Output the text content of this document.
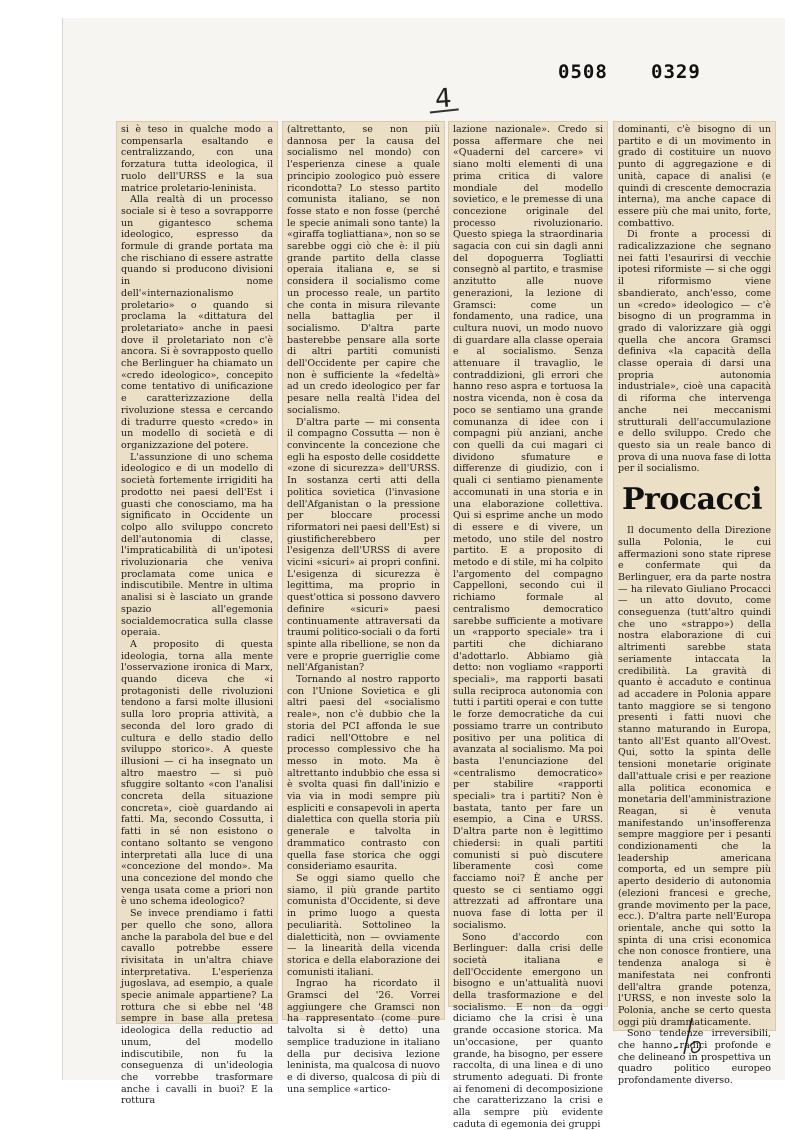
0508 0329
4

si è teso in qualche modo a compensarla esaltando e centralizzando, con una forzatura tutta ideologica, il ruolo dell'URSS e la sua matrice proletario-leninista.

Alla realtà di un processo sociale si è teso a sovrapporre un gigantesco schema ideologico, espresso da formule di grande portata ma che rischiano di essere astratte quando si producono divisioni in nome dell'«internazionalismo proletario» o quando si proclama la «dittatura del proletariato» anche in paesi dove il proletariato non c'è ancora. Si è sovrapposto quello che Berlinguer ha chiamato un «credo ideologico», concepito come tentativo di unificazione e caratterizzazione della rivoluzione stessa e cercando di tradurre questo «credo» in un modello di società e di organizzazione del potere.

L'assunzione di uno schema ideologico e di un modello di società fortemente irrigiditi ha prodotto nei paesi dell'Est i guasti che conosciamo, ma ha significato in Occidente un colpo allo sviluppo concreto dell'autonomia di classe, l'impraticabilità di un'ipotesi rivoluzionaria che veniva proclamata come unica e indiscutibile. Mentre in ultima analisi si è lasciato un grande spazio all'egemonia socialdemocratica sulla classe operaia.

A proposito di questa ideologia, torna alla mente l'osservazione ironica di Marx, quando diceva che «i protagonisti delle rivoluzioni tendono a farsi molte illusioni sulla loro propria attività, a seconda del loro grado di cultura e dello stadio dello sviluppo storico». A queste illusioni — ci ha insegnato un altro maestro — si può sfuggire soltanto «con l'analisi concreta della situazione concreta», cioè guardando ai fatti. Ma, secondo Cossutta, i fatti in sé non esistono o contano soltanto se vengono interpretati alla luce di una «concezione del mondo». Ma una concezione del mondo che venga usata come a priori non è uno schema ideologico?

Se invece prendiamo i fatti per quello che sono, allora anche la parabola del bue e del cavallo potrebbe essere rivisitata in un'altra chiave interpretativa. L'esperienza jugoslava, ad esempio, a quale specie animale appartiene? La rottura che si ebbe nel '48 sempre in base alla pretesa ideologica della reductio ad unum, del modello indiscutibile, non fu la conseguenza di un'ideologia che vorrebbe trasformare anche i cavalli in buoi? E la rottura

(altrettanto, se non più dannosa per la causa del socialismo nel mondo) con l'esperienza cinese a quale principio zoologico può essere ricondotta? Lo stesso partito comunista italiano, se non fosse stato e non fosse (perché le specie animali sono tante) la «giraffa togliattiana», non so se sarebbe oggi ciò che è: il più grande partito della classe operaia italiana e, se si considera il socialismo come un processo reale, un partito che conta in misura rilevante nella battaglia per il socialismo. D'altra parte basterebbe pensare alla sorte di altri partiti comunisti dell'Occidente per capire che non è sufficiente la «fedeltà» ad un credo ideologico per far pesare nella realtà l'idea del socialismo.

D'altra parte — mi consenta il compagno Cossutta — non è convincente la concezione che egli ha esposto delle cosiddette «zone di sicurezza» dell'URSS. In sostanza certi atti della politica sovietica (l'invasione dell'Afganistan o la pressione per bloccare processi riformatori nei paesi dell'Est) si giustificherebbero per l'esigenza dell'URSS di avere vicini «sicuri» ai propri confini. L'esigenza di sicurezza è legittima, ma proprio in quest'ottica si possono davvero definire «sicuri» paesi continuamente attraversati da traumi politico-sociali o da forti spinte alla ribellione, se non da vere e proprie guerriglie come nell'Afganistan?

Tornando al nostro rapporto con l'Unione Sovietica e gli altri paesi del «socialismo reale», non c'è dubbio che la storia del PCI affonda le sue radici nell'Ottobre e nel processo complessivo che ha messo in moto. Ma è altrettanto indubbio che essa si è svolta quasi fin dall'inizio e via via in modi sempre più espliciti e consapevoli in aperta dialettica con quella storia più generale e talvolta in drammatico contrasto con quella fase storica che oggi consideriamo esaurita.

Se oggi siamo quello che siamo, il più grande partito comunista d'Occidente, si deve in primo luogo a questa peculiarità. Sottolineo la dialetticità, non — ovviamente — la linearità della vicenda storica e della elaborazione dei comunisti italiani.

Ingrao ha ricordato il Gramsci del '26. Vorrei aggiungere che Gramsci non ha rappresentato (come pure talvolta si è detto) una semplice traduzione in italiano della pur decisiva lezione leninista, ma qualcosa di nuovo e di diverso, qualcosa di più di una semplice «artico-

lazione nazionale». Credo si possa affermare che nei «Quaderni del carcere» vi siano molti elementi di una prima critica di valore mondiale del modello sovietico, e le premesse di una concezione originale del processo rivoluzionario. Questo spiega la straordinaria sagacia con cui sin dagli anni del dopoguerra Togliatti consegnò al partito, e trasmise anzitutto alle nuove generazioni, la lezione di Gramsci: come un fondamento, una radice, una cultura nuovi, un modo nuovo di guardare alla classe operaia e al socialismo. Senza attenuare il travaglio, le contraddizioni, gli errori che hanno reso aspra e tortuosa la nostra vicenda, non è cosa da poco se sentiamo una grande comunanza di idee con i compagni più anziani, anche con quelli da cui magari ci dividono sfumature e differenze di giudizio, con i quali ci sentiamo pienamente accomunati in una storia e in una elaborazione collettiva. Qui si esprime anche un modo di essere e di vivere, un metodo, uno stile del nostro partito. E a proposito di metodo e di stile, mi ha colpito l'argomento del compagno Cappelloni, secondo cui il richiamo formale al centralismo democratico sarebbe sufficiente a motivare un «rapporto speciale» tra i partiti che dichiarano d'adottarlo. Abbiamo già detto: non vogliamo «rapporti speciali», ma rapporti basati sulla reciproca autonomia con tutti i partiti operai e con tutte le forze democratiche da cui possiamo trarre un contributo positivo per una politica di avanzata al socialismo. Ma poi basta l'enunciazione del «centralismo democratico» per stabilire «rapporti speciali» tra i partiti? Non è bastata, tanto per fare un esempio, a Cina e URSS. D'altra parte non è legittimo chiedersi: in quali partiti comunisti si può discutere liberamente così come facciamo noi? È anche per questo se ci sentiamo oggi attrezzati ad affrontare una nuova fase di lotta per il socialismo.

Sono d'accordo con Berlinguer: dalla crisi delle società italiana e dell'Occidente emergono un bisogno e un'attualità nuovi della trasformazione e del socialismo. E non da oggi diciamo che la crisi è una grande occasione storica. Ma un'occasione, per quanto grande, ha bisogno, per essere raccolta, di una linea e di uno strumento adeguati. Di fronte ai fenomeni di decomposizione che caratterizzano la crisi e alla sempre più evidente caduta di egemonia dei gruppi

dominanti, c'è bisogno di un partito e di un movimento in grado di costituire un nuovo punto di aggregazione e di unità, capace di analisi (e quindi di crescente democrazia interna), ma anche capace di essere più che mai unito, forte, combattivo.

Di fronte a processi di radicalizzazione che segnano nei fatti l'esaurirsi di vecchie ipotesi riformiste — si che oggi il riformismo viene sbandierato, anch'esso, come un «credo» ideologico — c'è bisogno di un programma in grado di valorizzare già oggi quella che ancora Gramsci definiva «la capacità della classe operaia di darsi una propria autonomia industriale», cioè una capacità di riforma che intervenga anche nei meccanismi strutturali dell'accumulazione e dello sviluppo. Credo che questo sia un reale banco di prova di una nuova fase di lotta per il socialismo.

Procacci

Il documento della Direzione sulla Polonia, le cui affermazioni sono state riprese e confermate qui da Berlinguer, era da parte nostra — ha rilevato Giuliano Procacci — un atto dovuto, come conseguenza (tutt'altro quindi che uno «strappo») della nostra elaborazione di cui altrimenti sarebbe stata seriamente intaccata la credibilità. La gravità di quanto è accaduto e continua ad accadere in Polonia appare tanto maggiore se si tengono presenti i fatti nuovi che stanno maturando in Europa, tanto all'Est quanto all'Ovest. Qui, sotto la spinta delle tensioni monetarie originate dall'attuale crisi e per reazione alla politica economica e monetaria dell'amministrazione Reagan, si è venuta manifestando un'insofferenza sempre maggiore per i pesanti condizionamenti che la leadership americana comporta, ed un sempre più aperto desiderio di autonomia (elezioni francesi e greche, grande movimento per la pace, ecc.). D'altra parte nell'Europa orientale, anche qui sotto la spinta di una crisi economica che non conosce frontiere, una tendenza analoga si è manifestata nei confronti dell'altra grande potenza, l'URSS, e non investe solo la Polonia, anche se certo questa oggi più drammaticamente.

Sono tendenze irreversibili, che hanno radici profonde e che delineano in prospettiva un quadro politico europeo profondamente diverso.
